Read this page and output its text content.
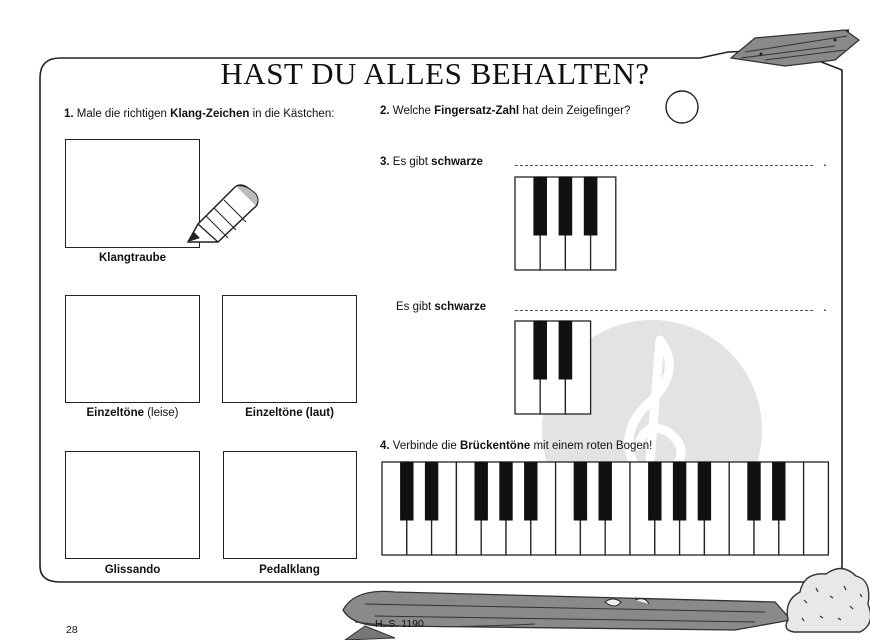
HAST DU ALLES BEHALTEN?
1. Male die richtigen Klang-Zeichen in die Kästchen:
Klangtraube
Einzeltöne (leise)	Einzeltöne (laut)
Glissando	Pedalklang
2. Welche Fingersatz-Zahl hat dein Zeigefinger?
3. Es gibt schwarze	.
Es gibt schwarze	.
4. Verbinde die Brückentöne mit einem roten Bogen!
28	H. S. 1190
